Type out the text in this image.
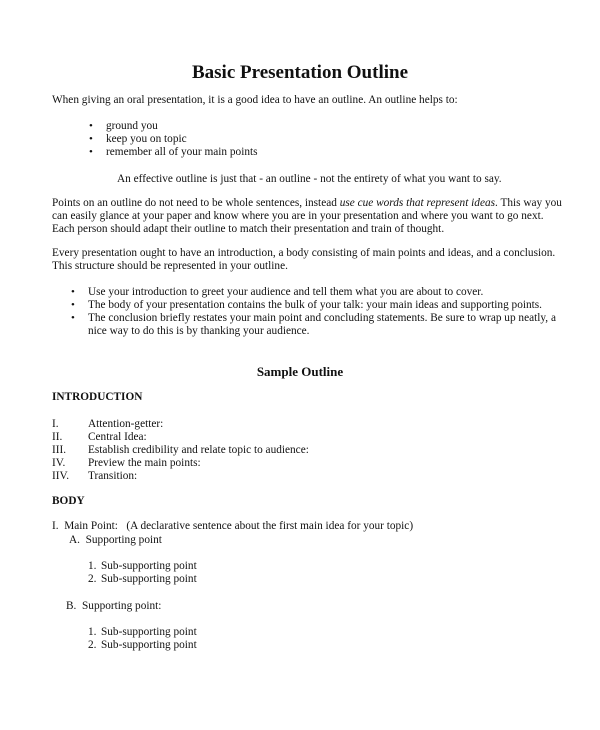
Basic Presentation Outline

When giving an oral presentation, it is a good idea to have an outline. An outline helps to:

• ground you
• keep you on topic
• remember all of your main points

An effective outline is just that - an outline - not the entirety of what you want to say.

Points on an outline do not need to be whole sentences, instead use cue words that represent ideas. This way you can easily glance at your paper and know where you are in your presentation and where you want to go next. Each person should adapt their outline to match their presentation and train of thought.

Every presentation ought to have an introduction, a body consisting of main points and ideas, and a conclusion. This structure should be represented in your outline.

• Use your introduction to greet your audience and tell them what you are about to cover.
• The body of your presentation contains the bulk of your talk: your main ideas and supporting points.
• The conclusion briefly restates your main point and concluding statements. Be sure to wrap up neatly, a nice way to do this is by thanking your audience.
Sample Outline
INTRODUCTION
I.	Attention-getter:
II. Central Idea:
III. Establish credibility and relate topic to audience:
IV. Preview the main points:
IIV. Transition:
BODY

I.  Main Point:   (A declarative sentence about the first main idea for your topic)

A.  Supporting point

1. Sub-supporting point
2. Sub-supporting point

B.  Supporting point:

1. Sub-supporting point
2. Sub-supporting point
